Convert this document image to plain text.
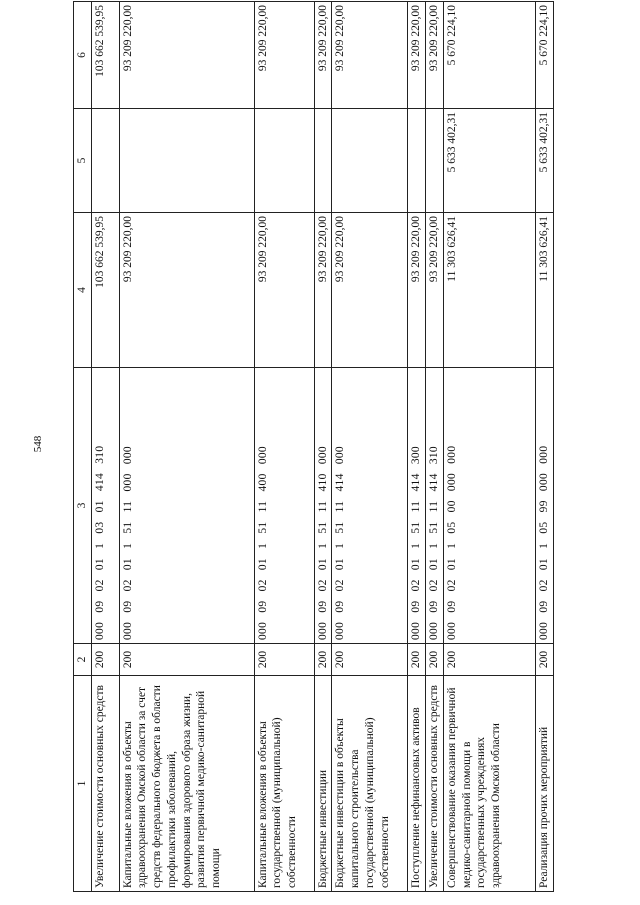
548
1	2	3	4	5	6
Увеличение стоимости основных средств	200	000 09 02 01 1 03 01 414 310	103 662 539,95		103 662 539,95
Капитальные вложения в объекты здравоохранения Омской области за счет средств федерального бюджета в области профилактики заболеваний, формирования здорового образа жизни, развития первичной медико-санитарной помощи	200	000 09 02 01 1 51 11 000 000	93 209 220,00		93 209 220,00
Капитальные вложения в объекты государственной (муниципальной) собственности	200	000 09 02 01 1 51 11 400 000	93 209 220,00		93 209 220,00
Бюджетные инвестиции	200	000 09 02 01 1 51 11 410 000	93 209 220,00		93 209 220,00
Бюджетные инвестиции в объекты капитального строительства государственной (муниципальной) собственности	200	000 09 02 01 1 51 11 414 000	93 209 220,00		93 209 220,00
Поступление нефинансовых активов	200	000 09 02 01 1 51 11 414 300	93 209 220,00		93 209 220,00
Увеличение стоимости основных средств	200	000 09 02 01 1 51 11 414 310	93 209 220,00		93 209 220,00
Совершенствование оказания первичной медико-санитарной помощи в государственных учреждениях здравоохранения Омской области	200	000 09 02 01 1 05 00 000 000	11 303 626,41	5 633 402,31	5 670 224,10
Реализация прочих мероприятий	200	000 09 02 01 1 05 99 000 000	11 303 626,41	5 633 402,31	5 670 224,10
